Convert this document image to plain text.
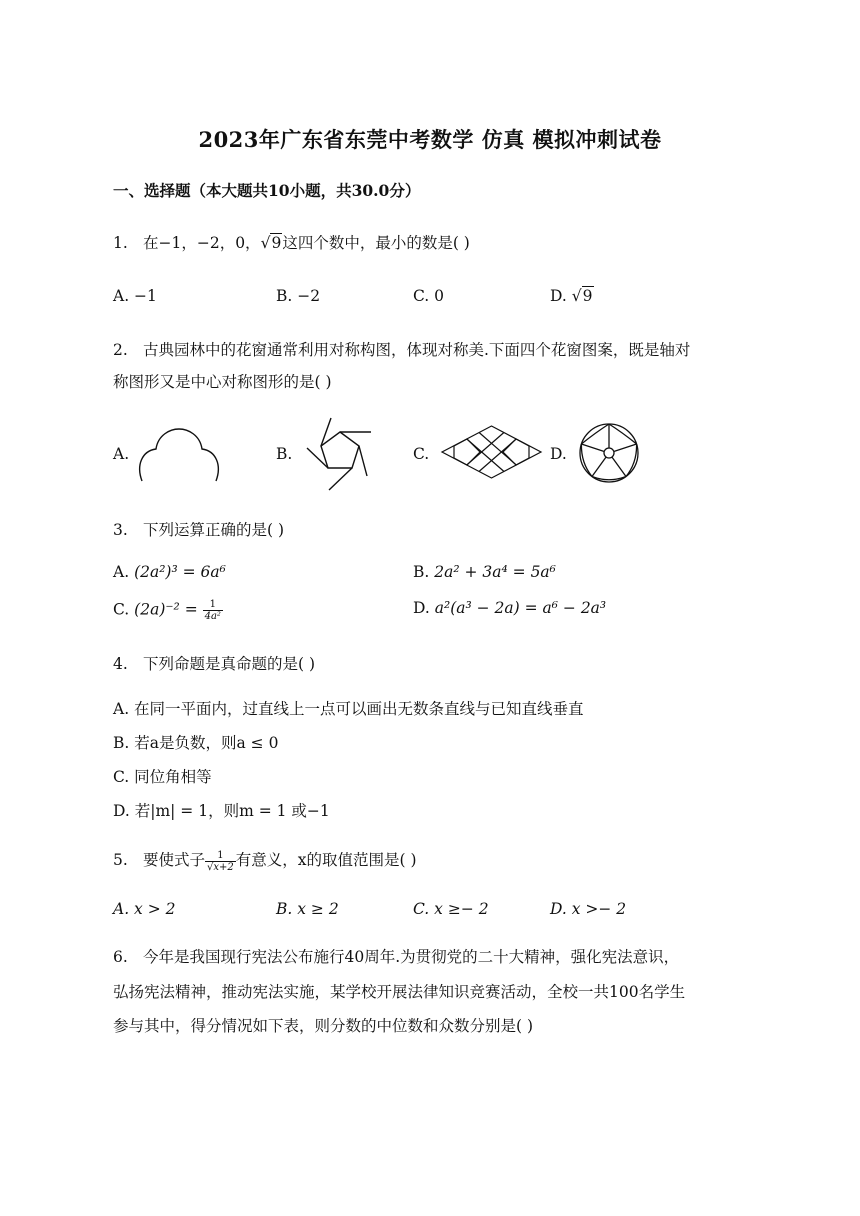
2023年广东省东莞中考数学 仿真 模拟冲刺试卷
一、选择题（本大题共10小题，共30.0分）
1. 在−1，−2，0，√9这四个数中，最小的数是( )
A. −1	B. −2	C. 0	D. √9
2. 古典园林中的花窗通常利用对称构图，体现对称美.下面四个花窗图案，既是轴对
称图形又是中心对称图形的是( )
A.	B.	C.	D.
3. 下列运算正确的是( )
A. (2a²)³ = 6a⁶	B. 2a² + 3a⁴ = 5a⁶
C. $(2a)^{-2} = \frac{1}{\text{4a²}}$	D. a²(a³ − 2a) = a⁶ − 2a³
4. 下列命题是真命题的是( )
A. 在同一平面内，过直线上一点可以画出无数条直线与已知直线垂直
B. 若a是负数，则a ≤ 0
C. 同位角相等
D. 若|m| = 1，则m = 1 或−1
5. 要使式子 $\frac{1}{√x+2}$ 有意义，x的取值范围是( )
A. x > 2	B. x ≥ 2	C. x ≥− 2	D. x >− 2
6. 今年是我国现行宪法公布施行40周年.为贯彻党的二十大精神，强化宪法意识，
弘扬宪法精神，推动宪法实施，某学校开展法律知识竞赛活动，全校一共100名学生
参与其中，得分情况如下表，则分数的中位数和众数分别是( )
